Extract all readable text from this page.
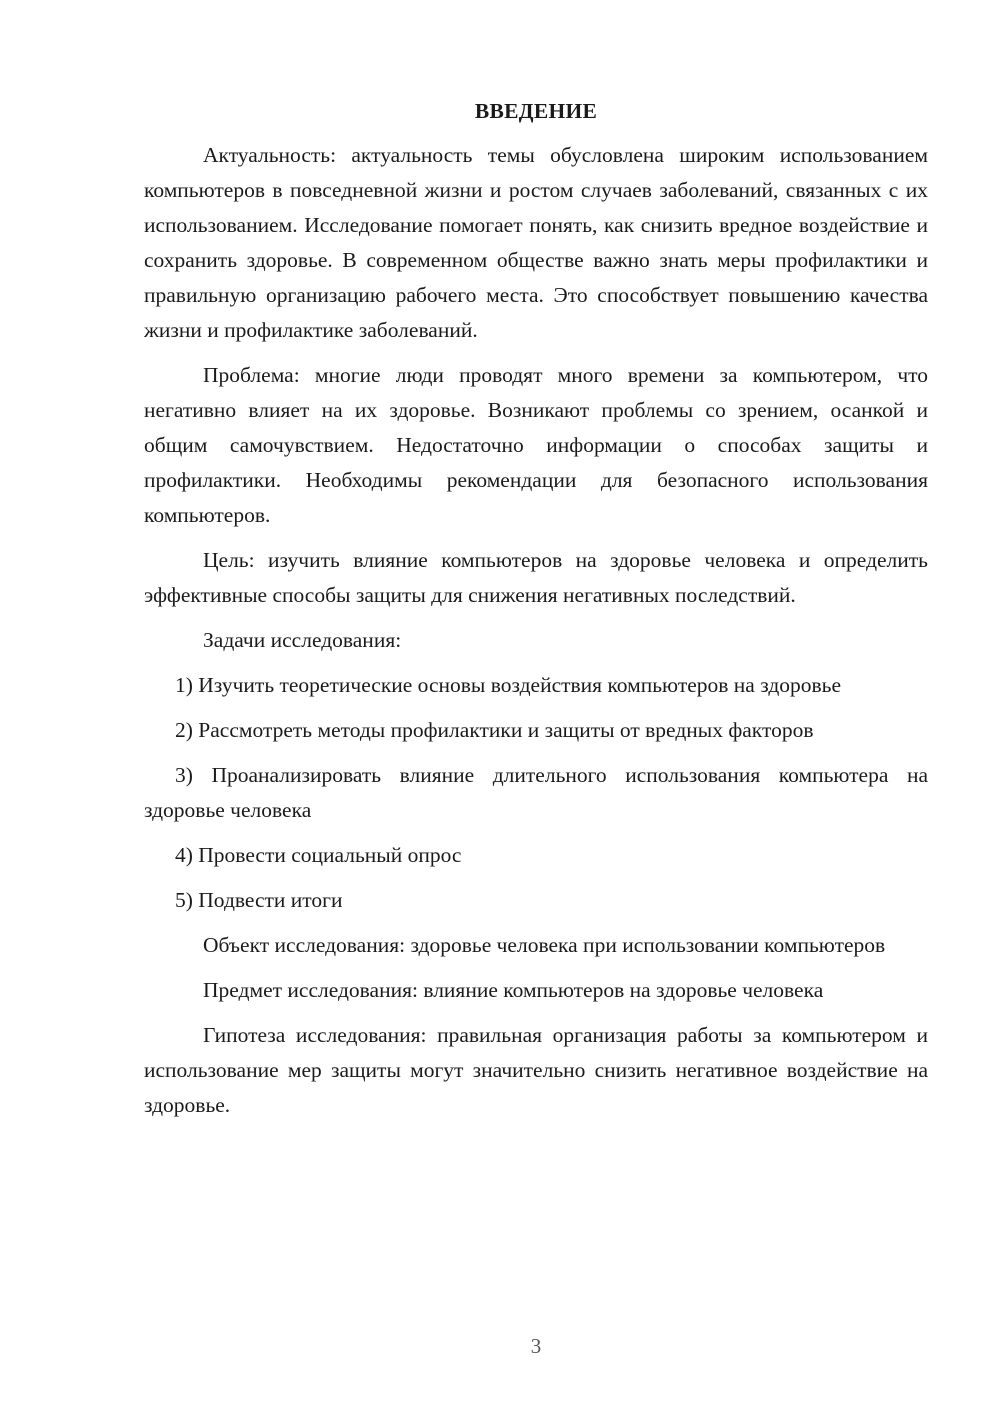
ВВЕДЕНИЕ

Актуальность: актуальность темы обусловлена широким использованием компьютеров в повседневной жизни и ростом случаев заболеваний, связанных с их использованием. Исследование помогает понять, как снизить вредное воздействие и сохранить здоровье. В современном обществе важно знать меры профилактики и правильную организацию рабочего места. Это способствует повышению качества жизни и профилактике заболеваний.

Проблема: многие люди проводят много времени за компьютером, что негативно влияет на их здоровье. Возникают проблемы со зрением, осанкой и общим самочувствием. Недостаточно информации о способах защиты и профилактики. Необходимы рекомендации для безопасного использования компьютеров.

Цель: изучить влияние компьютеров на здоровье человека и определить эффективные способы защиты для снижения негативных последствий.

Задачи исследования:

1) Изучить теоретические основы воздействия компьютеров на здоровье

2) Рассмотреть методы профилактики и защиты от вредных факторов

3) Проанализировать влияние длительного использования компьютера на здоровье человека

4) Провести социальный опрос

5) Подвести итоги

Объект исследования: здоровье человека при использовании компьютеров

Предмет исследования: влияние компьютеров на здоровье человека

Гипотеза исследования: правильная организация работы за компьютером и использование мер защиты могут значительно снизить негативное воздействие на здоровье.

3
